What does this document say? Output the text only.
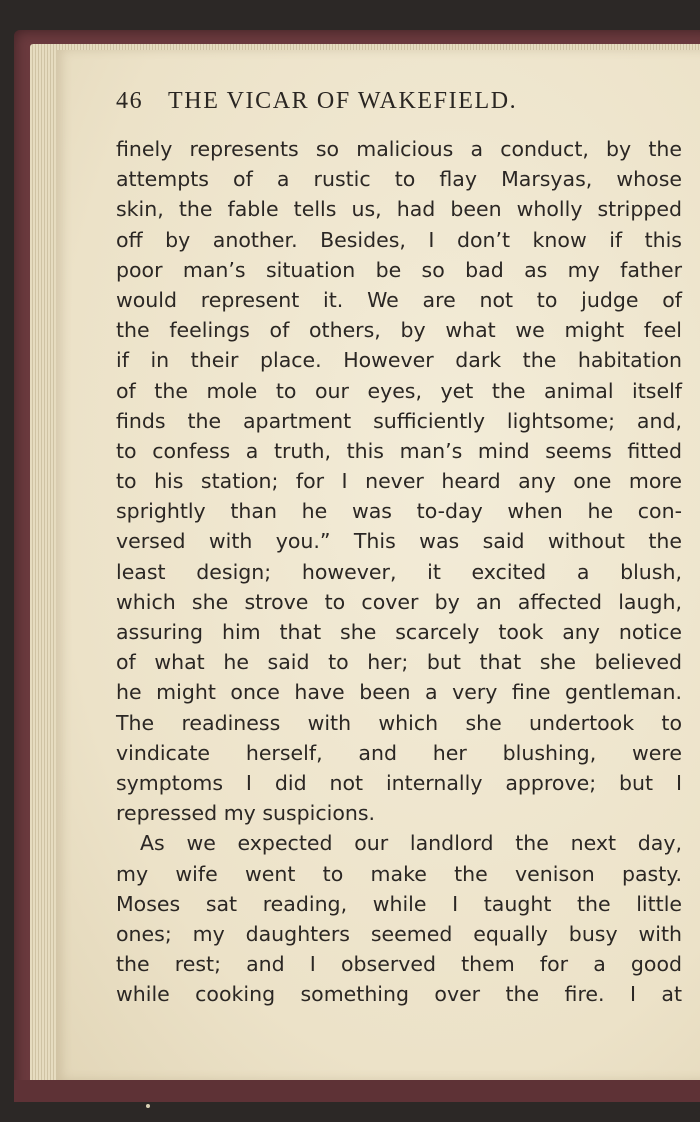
46 THE VICAR OF WAKEFIELD.
finely represents so malicious a conduct, by the
attempts of a rustic to flay Marsyas, whose
skin, the fable tells us, had been wholly stripped
off by another. Besides, I don’t know if this
poor man’s situation be so bad as my father
would represent it. We are not to judge of
the feelings of others, by what we might feel
if in their place. However dark the habitation
of the mole to our eyes, yet the animal itself
finds the apartment sufficiently lightsome; and,
to confess a truth, this man’s mind seems fitted
to his station; for I never heard any one more
sprightly than he was to-day when he con-
versed with you.” This was said without the
least design; however, it excited a blush,
which she strove to cover by an affected laugh,
assuring him that she scarcely took any notice
of what he said to her; but that she believed
he might once have been a very fine gentleman.
The readiness with which she undertook to
vindicate herself, and her blushing, were
symptoms I did not internally approve; but I
repressed my suspicions.
As we expected our landlord the next day,
my wife went to make the venison pasty.
Moses sat reading, while I taught the little
ones; my daughters seemed equally busy with
the rest; and I observed them for a good
while cooking something over the fire. I at
